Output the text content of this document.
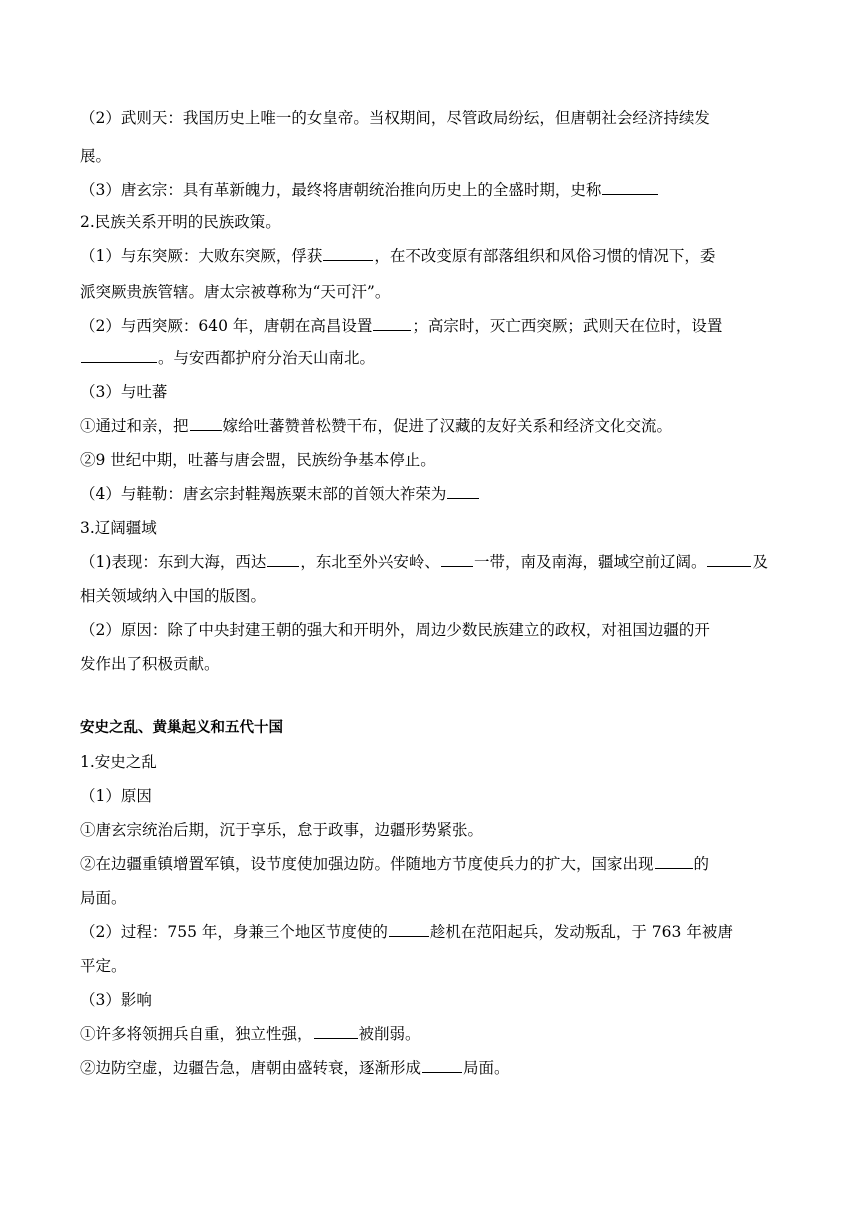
（2）武则天：我国历史上唯一的女皇帝。当权期间，尽管政局纷纭，但唐朝社会经济持续发
展。
（3）唐玄宗：具有革新魄力，最终将唐朝统治推向历史上的全盛时期，史称
2.民族关系开明的民族政策。
（1）与东突厥：大败东突厥，俘获	，在不改变原有部落组织和风俗习惯的情况下，委
派突厥贵族管辖。唐太宗被尊称为“天可汗”。
（2）与西突厥：640 年，唐朝在高昌设置	；高宗时，灭亡西突厥；武则天在位时，设置
。与安西都护府分治天山南北。
（3）与吐蕃
①通过和亲，把 嫁给吐蕃赞普松赞干布，促进了汉藏的友好关系和经济文化交流。
②9 世纪中期，吐蕃与唐会盟，民族纷争基本停止。
（4）与鞋勒：唐玄宗封鞋羯族粟末部的首领大祚荣为
3.辽阔疆域
（1)表现：东到大海，西达 ，东北至外兴安岭、 一带，南及南海，疆域空前辽阔。	及
相关领域纳入中国的版图。
（2）原因：除了中央封建王朝的强大和开明外，周边少数民族建立的政权，对祖国边疆的开
发作出了积极贡献。
安史之乱、黄巢起义和五代十国
1.安史之乱
（1）原因
①唐玄宗统治后期，沉于享乐，怠于政事，边疆形势紧张。
②在边疆重镇增置军镇，设节度使加强边防。伴随地方节度使兵力的扩大，国家出现	的
局面。
（2）过程：755 年，身兼三个地区节度使的	趁机在范阳起兵，发动叛乱，于 763 年被唐
平定。
（3）影响
①许多将领拥兵自重，独立性强，	被削弱。
②边防空虚，边疆告急，唐朝由盛转衰，逐渐形成	局面。
